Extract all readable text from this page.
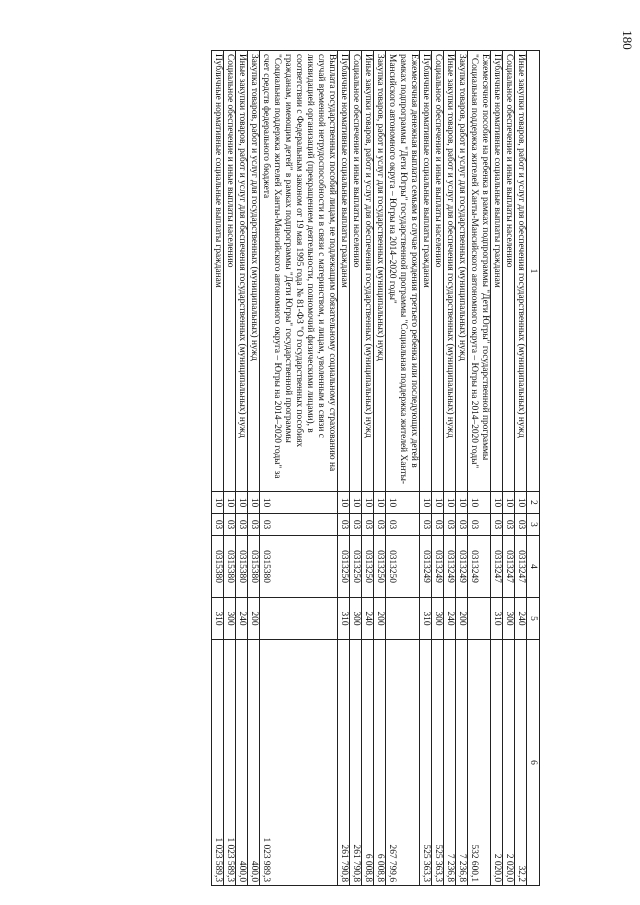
180
1	2	3	4	5	6
Иные закупки товаров, работ и услуг для обеспечения государственных (муниципальных) нужд	10	03	0313247	240	32,2
Социальное обеспечение и иные выплаты населению	10	03	0313247	300	2 020,0
Публичные нормативные социальные выплаты гражданам	10	03	0313247	310	2 020,0
Ежемесячное пособие на ребенка в рамках подпрограммы "Дети Югры" государственной программы "Социальная поддержка жителей Ханты-Мансийского автономного округа – Югры на 2014–2020 годы"	10	03	0313249		532 600,1
Закупка товаров, работ и услуг для государственных (муниципальных) нужд	10	03	0313249	200	7 236,8
Иные закупки товаров, работ и услуг для обеспечения государственных (муниципальных) нужд	10	03	0313249	240	7 236,8
Социальное обеспечение и иные выплаты населению	10	03	0313249	300	525 363,3
Публичные нормативные социальные выплаты гражданам	10	03	0313249	310	525 363,3
Ежемесячная денежная выплата семьям в случае рождения третьего ребенка или последующих детей в рамках подпрограммы "Дети Югры" государственной программы "Социальная поддержка жителей Ханты-Мансийского автономного округа – Югры на 2014–2020 годы"	10	03	0313250		267 799,6
Закупка товаров, работ и услуг для государственных (муниципальных) нужд	10	03	0313250	200	6 008,8
Иные закупки товаров, работ и услуг для обеспечения государственных (муниципальных) нужд	10	03	0313250	240	6 008,8
Социальное обеспечение и иные выплаты населению	10	03	0313250	300	261 790,8
Публичные нормативные социальные выплаты гражданам	10	03	0313250	310	261 790,8
Выплата государственных пособий лицам, не подлежащим обязательному социальному страхованию на случай временной нетрудоспособности и в связи с материнством, и лицам, уволенным в связи с ликвидацией организаций (прекращением деятельности, полномочий физическими лицами), в соответствии с Федеральным законом от 19 мая 1995 года № 81-ФЗ "О государственных пособиях гражданам, имеющим детей" в рамках подпрограммы "Дети Югры" государственной программы "Социальная поддержка жителей Ханты-Мансийского автономного округа – Югры на 2014–2020 годы" за счет средств федерального бюджета	10	03	0315380		1 023 989,3
Закупка товаров, работ и услуг для государственных (муниципальных) нужд	10	03	0315380	200	400,0
Иные закупки товаров, работ и услуг для обеспечения государственных (муниципальных) нужд	10	03	0315380	240	400,0
Социальное обеспечение и иные выплаты населению	10	03	0315380	300	1 023 589,3
Публичные нормативные социальные выплаты гражданам	10	03	0315380	310	1 023 589,3
